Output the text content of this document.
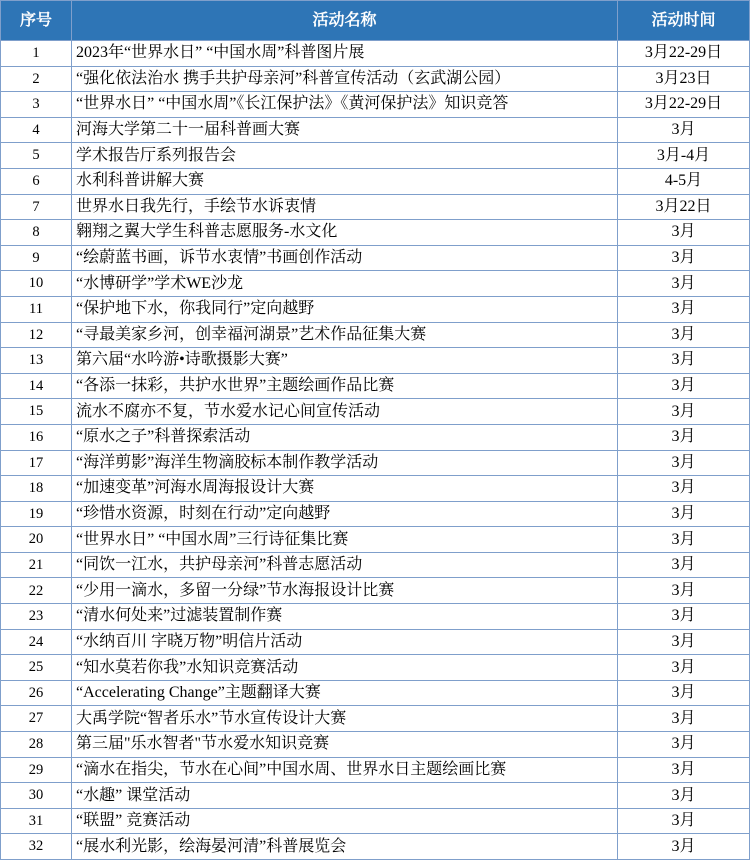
序号	活动名称	活动时间
1	2023年“世界水日” “中国水周”科普图片展	3月22-29日
2	“强化依法治水 携手共护母亲河”科普宣传活动（玄武湖公园）	3月23日
3	“世界水日” “中国水周”《长江保护法》《黄河保护法》知识竞答	3月22-29日
4	河海大学第二十一届科普画大赛	3月
5	学术报告厅系列报告会	3月-4月
6	水利科普讲解大赛	4-5月
7	世界水日我先行，手绘节水诉衷情	3月22日
8	翱翔之翼大学生科普志愿服务-水文化	3月
9	“绘蔚蓝书画，诉节水衷情”书画创作活动	3月
10	“水博研学”学术WE沙龙	3月
11	“保护地下水，你我同行”定向越野	3月
12	“寻最美家乡河，创幸福河湖景”艺术作品征集大赛	3月
13	第六届“水吟游•诗歌摄影大赛”	3月
14	“各添一抹彩，共护水世界”主题绘画作品比赛	3月
15	流水不腐亦不复，节水爱水记心间宣传活动	3月
16	“原水之子”科普探索活动	3月
17	“海洋剪影”海洋生物滴胶标本制作教学活动	3月
18	“加速变革”河海水周海报设计大赛	3月
19	“珍惜水资源，时刻在行动”定向越野	3月
20	“世界水日” “中国水周”三行诗征集比赛	3月
21	“同饮一江水，共护母亲河”科普志愿活动	3月
22	“少用一滴水，多留一分绿”节水海报设计比赛	3月
23	“清水何处来”过滤装置制作赛	3月
24	“水纳百川 字晓万物”明信片活动	3月
25	“知水莫若你我”水知识竞赛活动	3月
26	“Accelerating Change”主题翻译大赛	3月
27	大禹学院“智者乐水”节水宣传设计大赛	3月
28	第三届"乐水智者"节水爱水知识竞赛	3月
29	“滴水在指尖，节水在心间”中国水周、世界水日主题绘画比赛	3月
30	“水趣” 课堂活动	3月
31	“联盟” 竞赛活动	3月
32	“展水利光影，绘海晏河清”科普展览会	3月
